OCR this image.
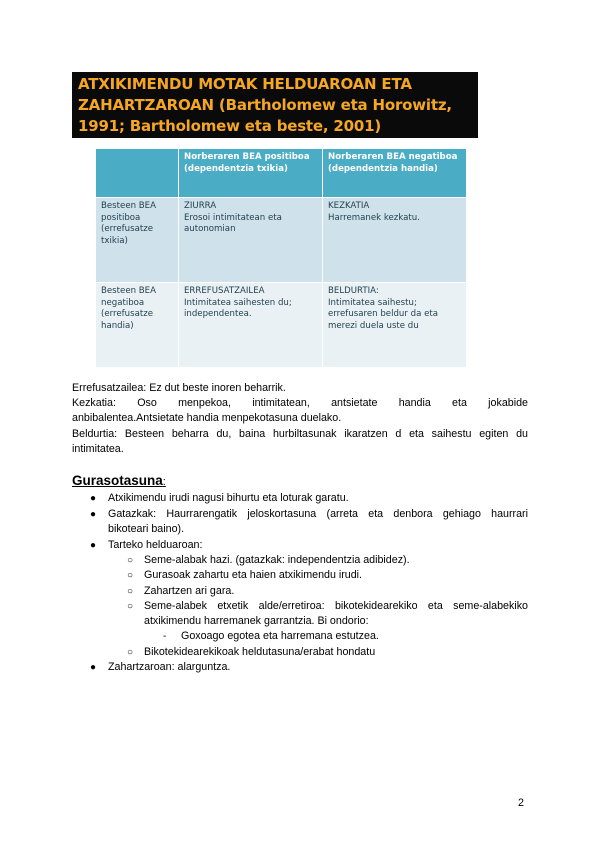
ATXIKIMENDU MOTAK HELDUAROAN ETA
ZAHARTZAROAN (Bartholomew eta Horowitz,
1991; Bartholomew eta beste, 2001)
Norberaren BEA positiboa
(dependentzia txikia)
Norberaren BEA negatiboa
(dependentzia handia)
Besteen BEA
positiboa
(errefusatze
txikia)
ZIURRA
Erosoi intimitatean eta
autonomian
KEZKATIA
Harremanek kezkatu.
Besteen BEA
negatiboa
(errefusatze
handia)
ERREFUSATZAILEA
Intimitatea saihesten du;
independentea.
BELDURTIA:
Intimitatea saihestu;
errefusaren beldur da eta
merezi duela uste du
Errefusatzailea: Ez dut beste inoren beharrik.
Kezkatia: Oso menpekoa, intimitatean, antsietate handia eta jokabide
anbibalentea.Antsietate handia menpekotasuna duelako.
Beldurtia: Besteen beharra du, baina hurbiltasunak ikaratzen d eta saihestu egiten du
intimitatea.
Gurasotasuna:
● Atxikimendu irudi nagusi bihurtu eta loturak garatu.
● Gatazkak: Haurrarengatik jeloskortasuna (arreta eta denbora gehiago haurrari
bikoteari baino).
● Tarteko helduaroan:
○ Seme-alabak hazi. (gatazkak: independentzia adibidez).
○ Gurasoak zahartu eta haien atxikimendu irudi.
○ Zahartzen ari gara.
○ Seme-alabek etxetik alde/erretiroa: bikotekidearekiko eta seme-alabekiko
atxikimendu harremanek garrantzia. Bi ondorio:
- Goxoago egotea eta harremana estutzea.
○ Bikotekidearekikoak heldutasuna/erabat hondatu
● Zahartzaroan: alarguntza.
2
